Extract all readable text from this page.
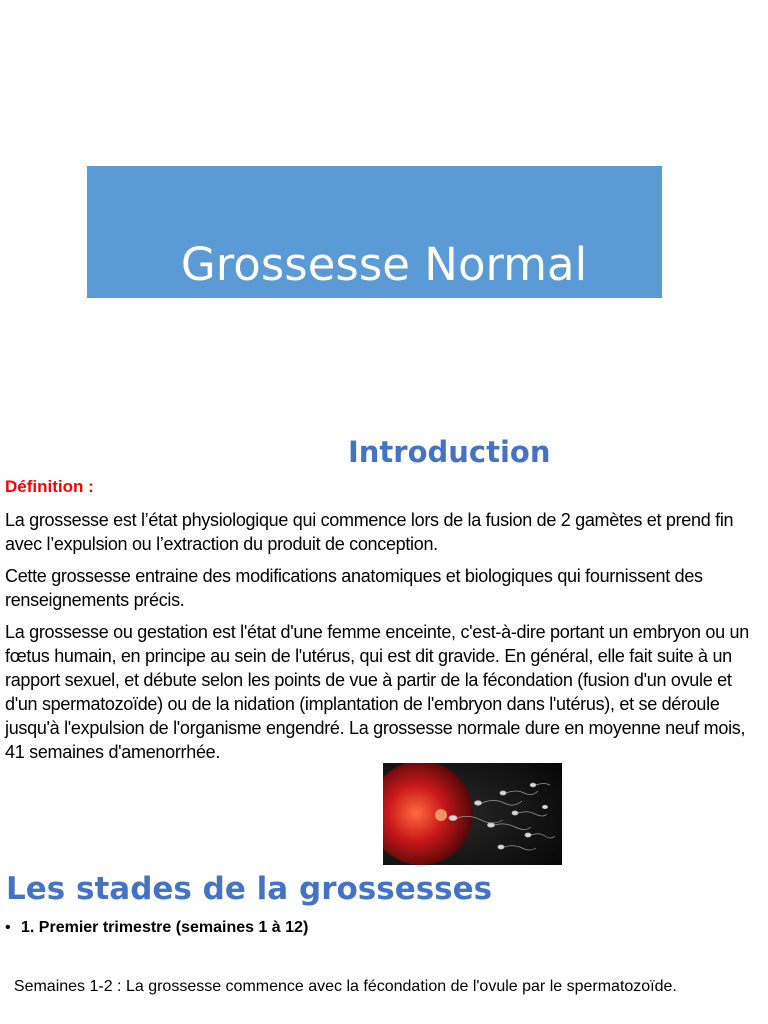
Grossesse Normal
Introduction
Définition :

La grossesse est l’état physiologique qui commence lors de la fusion de 2 gamètes et prend fin avec l’expulsion ou l’extraction du produit de conception.

Cette grossesse entraine des modifications anatomiques et biologiques qui fournissent des renseignements précis.

La grossesse ou gestation est l'état d'une femme enceinte, c'est-à-dire portant un embryon ou un fœtus humain, en principe au sein de l'utérus, qui est dit gravide. En général, elle fait suite à un rapport sexuel, et débute selon les points de vue à partir de la fécondation (fusion d'un ovule et d'un spermatozoïde) ou de la nidation (implantation de l'embryon dans l'utérus), et se déroule jusqu'à l'expulsion de l'organisme engendré. La grossesse normale dure en moyenne neuf mois, 41 semaines d'amenorrhée.

Les stades de la grossesses
• 1. Premier trimestre (semaines 1 à 12)

Semaines 1-2 : La grossesse commence avec la fécondation de l'ovule par le spermatozoïde.
